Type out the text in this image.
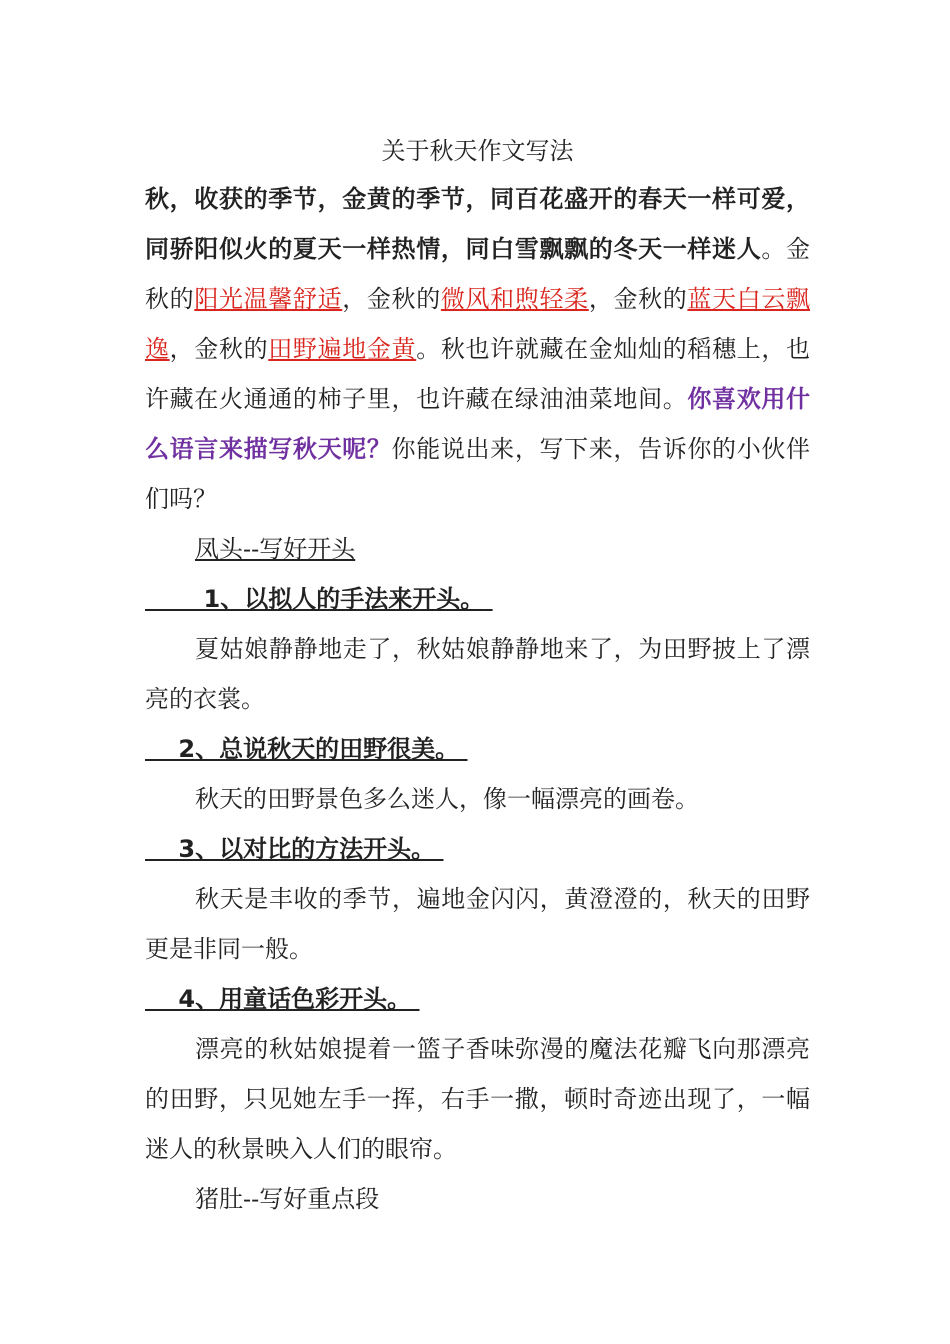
关于秋天作文写法

秋，收获的季节，金黄的季节，同百花盛开的春天一样可爱，同骄阳似火的夏天一样热情，同白雪飘飘的冬天一样迷人。金秋的阳光温馨舒适，金秋的微风和煦轻柔，金秋的蓝天白云飘逸，金秋的田野遍地金黄。秋也许就藏在金灿灿的稻穗上，也许藏在火通通的柿子里，也许藏在绿油油菜地间。你喜欢用什么语言来描写秋天呢？你能说出来，写下来，告诉你的小伙伴们吗？

凤头--写好开头

1、以拟人的手法来开头。

夏姑娘静静地走了，秋姑娘静静地来了，为田野披上了漂亮的衣裳。

2、总说秋天的田野很美。

秋天的田野景色多么迷人，像一幅漂亮的画卷。

3、以对比的方法开头。

秋天是丰收的季节，遍地金闪闪，黄澄澄的，秋天的田野更是非同一般。

4、用童话色彩开头。

漂亮的秋姑娘提着一篮子香味弥漫的魔法花瓣飞向那漂亮的田野，只见她左手一挥，右手一撒，顿时奇迹出现了，一幅迷人的秋景映入人们的眼帘。

猪肚--写好重点段
